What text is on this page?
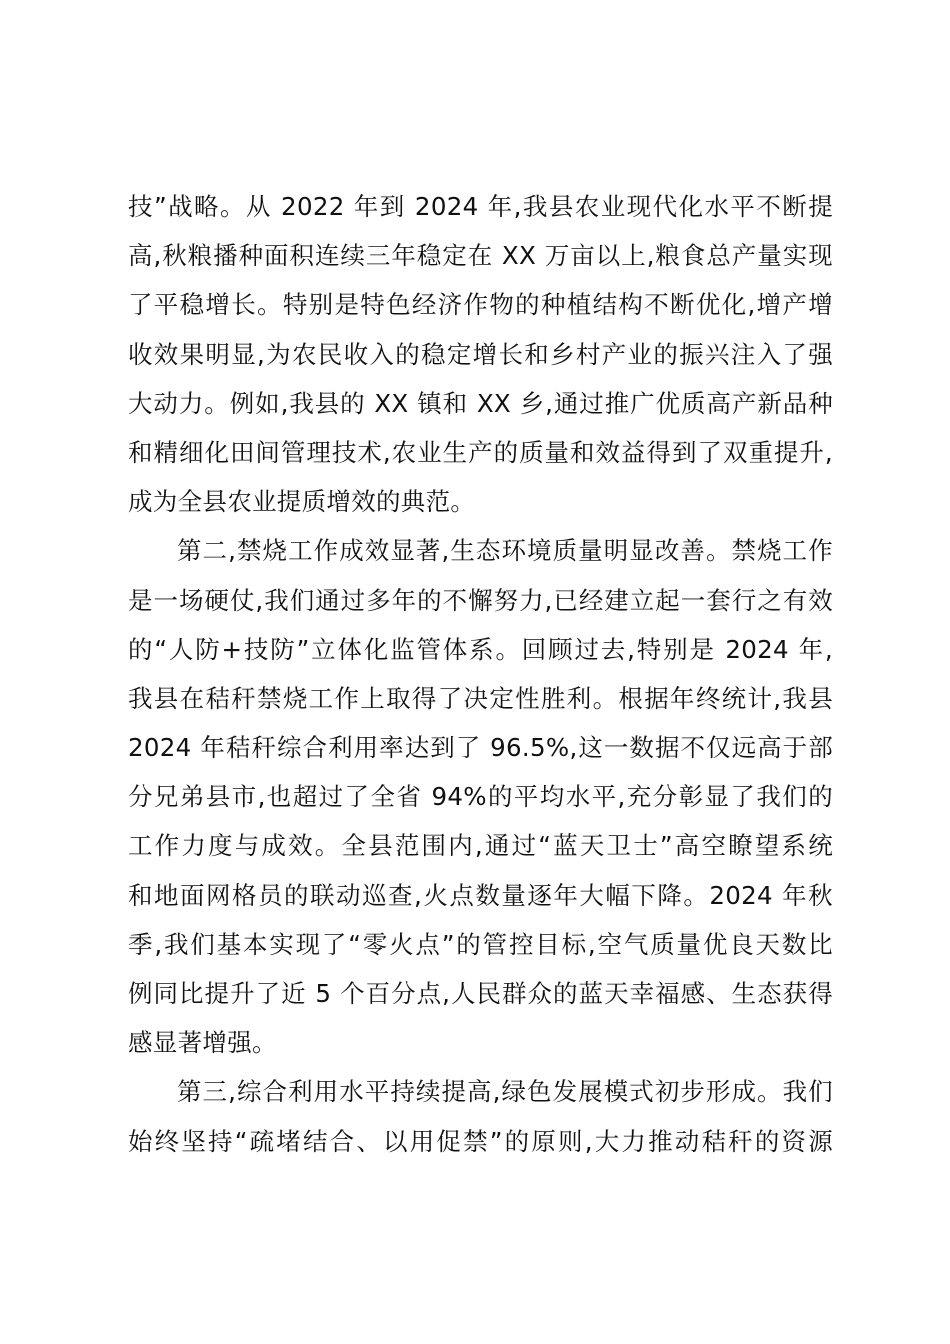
技”战略。从 2022 年到 2024 年,我县农业现代化水平不断提
高,秋粮播种面积连续三年稳定在 XX 万亩以上,粮食总产量实现
了平稳增长。特别是特色经济作物的种植结构不断优化,增产增
收效果明显,为农民收入的稳定增长和乡村产业的振兴注入了强
大动力。例如,我县的 XX 镇和 XX 乡,通过推广优质高产新品种
和精细化田间管理技术,农业生产的质量和效益得到了双重提升,
成为全县农业提质增效的典范。
第二,禁烧工作成效显著,生态环境质量明显改善。禁烧工作
是一场硬仗,我们通过多年的不懈努力,已经建立起一套行之有效
的“人防+技防”立体化监管体系。回顾过去,特别是 2024 年,
我县在秸秆禁烧工作上取得了决定性胜利。根据年终统计,我县
2024 年秸秆综合利用率达到了 96.5%,这一数据不仅远高于部
分兄弟县市,也超过了全省 94%的平均水平,充分彰显了我们的
工作力度与成效。全县范围内,通过“蓝天卫士”高空瞭望系统
和地面网格员的联动巡查,火点数量逐年大幅下降。2024 年秋
季,我们基本实现了“零火点”的管控目标,空气质量优良天数比
例同比提升了近 5 个百分点,人民群众的蓝天幸福感、生态获得
感显著增强。
第三,综合利用水平持续提高,绿色发展模式初步形成。我们
始终坚持“疏堵结合、以用促禁”的原则,大力推动秸秆的资源
